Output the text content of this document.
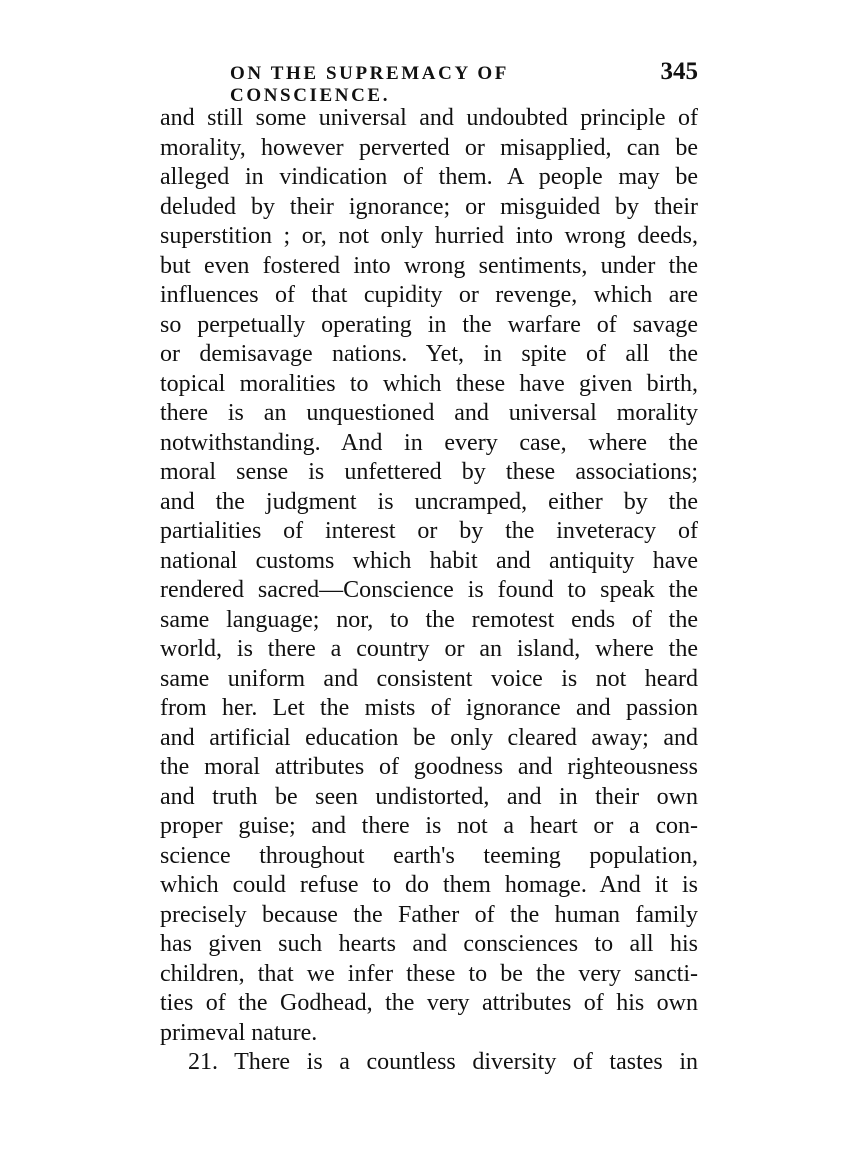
ON THE SUPREMACY OF CONSCIENCE.
345
and still some universal and undoubted principle of
morality, however perverted or misapplied, can be
alleged in vindication of them. A people may be
deluded by their ignorance; or misguided by their
superstition ; or, not only hurried into wrong deeds,
but even fostered into wrong sentiments, under the
influences of that cupidity or revenge, which are
so perpetually operating in the warfare of savage
or demisavage nations. Yet, in spite of all the
topical moralities to which these have given birth,
there is an unquestioned and universal morality
notwithstanding. And in every case, where the
moral sense is unfettered by these associations;
and the judgment is uncramped, either by the
partialities of interest or by the inveteracy of
national customs which habit and antiquity have
rendered sacred—Conscience is found to speak the
same language; nor, to the remotest ends of the
world, is there a country or an island, where the
same uniform and consistent voice is not heard
from her. Let the mists of ignorance and passion
and artificial education be only cleared away; and
the moral attributes of goodness and righteousness
and truth be seen undistorted, and in their own
proper guise; and there is not a heart or a con-
science throughout earth's teeming population,
which could refuse to do them homage. And it is
precisely because the Father of the human family
has given such hearts and consciences to all his
children, that we infer these to be the very sancti-
ties of the Godhead, the very attributes of his own
primeval nature.
21. There is a countless diversity of tastes in
